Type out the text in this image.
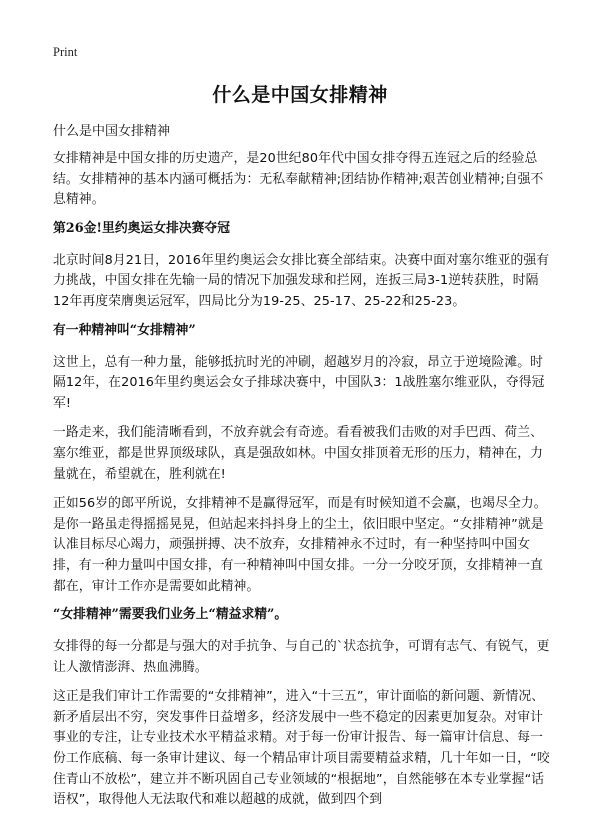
Print
什么是中国女排精神

什么是中国女排精神

女排精神是中国女排的历史遗产，是20世纪80年代中国女排夺得五连冠之后的经验总结。女排精神的基本内涵可概括为：无私奉献精神;团结协作精神;艰苦创业精神;自强不息精神。

第26金!里约奥运女排决赛夺冠

北京时间8月21日，2016年里约奥运会女排比赛全部结束。决赛中面对塞尔维亚的强有力挑战，中国女排在先输一局的情况下加强发球和拦网，连扳三局3-1逆转获胜，时隔12年再度荣膺奥运冠军，四局比分为19-25、25-17、25-22和25-23。

有一种精神叫“女排精神”

这世上，总有一种力量，能够抵抗时光的冲刷，超越岁月的冷寂，昂立于逆境险滩。时隔12年，在2016年里约奥运会女子排球决赛中，中国队3：1战胜塞尔维亚队，夺得冠军!

一路走来，我们能清晰看到，不放弃就会有奇迹。看看被我们击败的对手巴西、荷兰、塞尔维亚，都是世界顶级球队，真是强敌如林。中国女排顶着无形的压力，精神在，力量就在，希望就在，胜利就在!

正如56岁的郎平所说，女排精神不是赢得冠军，而是有时候知道不会赢，也竭尽全力。是你一路虽走得摇摇晃晃，但站起来抖抖身上的尘土，依旧眼中坚定。“女排精神”就是认准目标尽心竭力，顽强拼搏、决不放弃，女排精神永不过时，有一种坚持叫中国女排，有一种力量叫中国女排，有一种精神叫中国女排。一分一分咬牙顶，女排精神一直都在，审计工作亦是需要如此精神。

“女排精神”需要我们业务上“精益求精”。

女排得的每一分都是与强大的对手抗争、与自己的`状态抗争，可谓有志气、有锐气，更让人激情澎湃、热血沸腾。

这正是我们审计工作需要的“女排精神”，进入“十三五”，审计面临的新问题、新情况、新矛盾层出不穷，突发事件日益增多，经济发展中一些不稳定的因素更加复杂。对审计事业的专注，让专业技术水平精益求精。对于每一份审计报告、每一篇审计信息、每一份工作底稿、每一条审计建议、每一个精品审计项目需要精益求精，几十年如一日，“咬住青山不放松”，建立并不断巩固自己专业领域的“根据地”，自然能够在本专业掌握“话语权”，取得他人无法取代和难以超越的成就，做到四个到
